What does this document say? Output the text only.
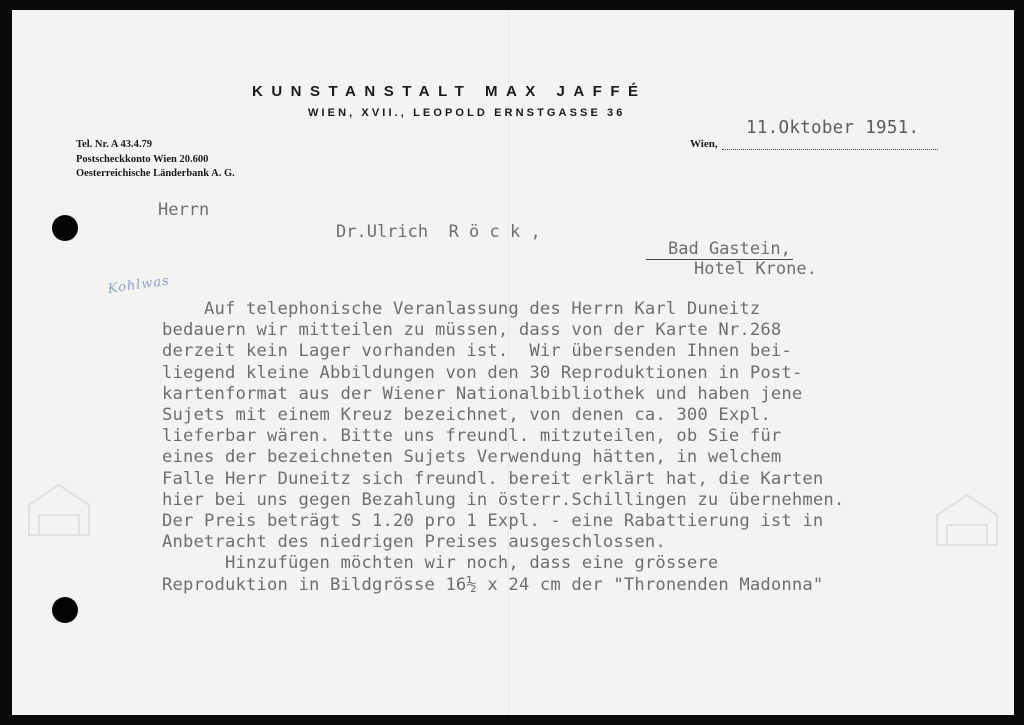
KUNSTANSTALT MAX JAFFÉ
WIEN, XVII., LEOPOLD ERNSTGASSE 36
Tel. Nr. A 43.4.79
Postscheckkonto Wien 20.600
Oesterreichische Länderbank A. G.
Wien,
11.Oktober 1951.
Herrn
Dr.Ulrich  R ö c k ,
Bad Gastein,
Hotel Krone.
Kohlwas
Auf telephonische Veranlassung des Herrn Karl Duneitz
bedauern wir mitteilen zu müssen, dass von der Karte Nr.268
derzeit kein Lager vorhanden ist.  Wir übersenden Ihnen bei-
liegend kleine Abbildungen von den 30 Reproduktionen in Post-
kartenformat aus der Wiener Nationalbibliothek und haben jene
Sujets mit einem Kreuz bezeichnet, von denen ca. 300 Expl.
lieferbar wären. Bitte uns freundl. mitzuteilen, ob Sie für
eines der bezeichneten Sujets Verwendung hätten, in welchem
Falle Herr Duneitz sich freundl. bereit erklärt hat, die Karten
hier bei uns gegen Bezahlung in österr.Schillingen zu übernehmen.
Der Preis beträgt S 1.20 pro 1 Expl. - eine Rabattierung ist in
Anbetracht des niedrigen Preises ausgeschlossen.
Hinzufügen möchten wir noch, dass eine grössere
Reproduktion in Bildgrösse 16½ x 24 cm der "Thronenden Madonna"
